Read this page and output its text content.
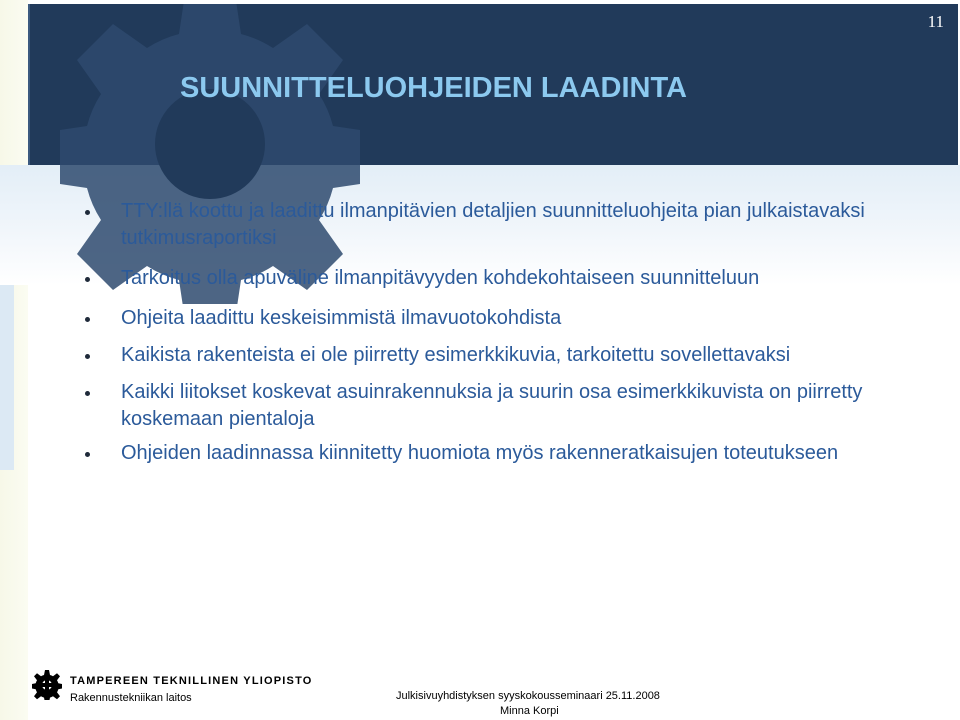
SUUNNITTELUOHJEIDEN LAADINTA
11
TTY:llä koottu ja laadittu ilmanpitävien detaljien suunnitteluohjeita pian julkaistavaksi tutkimusraportiksi
Tarkoitus olla apuväline ilmanpitävyyden kohdekohtaiseen suunnitteluun
Ohjeita laadittu keskeisimmistä ilmavuotokohdista
Kaikista rakenteista ei ole piirretty esimerkkikuvia, tarkoitettu sovellettavaksi
Kaikki liitokset koskevat asuinrakennuksia ja suurin osa esimerkkikuvista on piirretty koskemaan pientaloja
Ohjeiden laadinnassa kiinnitetty huomiota myös rakenneratkaisujen toteutukseen
TAMPEREEN TEKNILLINEN YLIOPISTO
Rakennustekniikan laitos	Julkisivuyhdistyksen syyskokousseminaari 25.11.2008
Minna Korpi
